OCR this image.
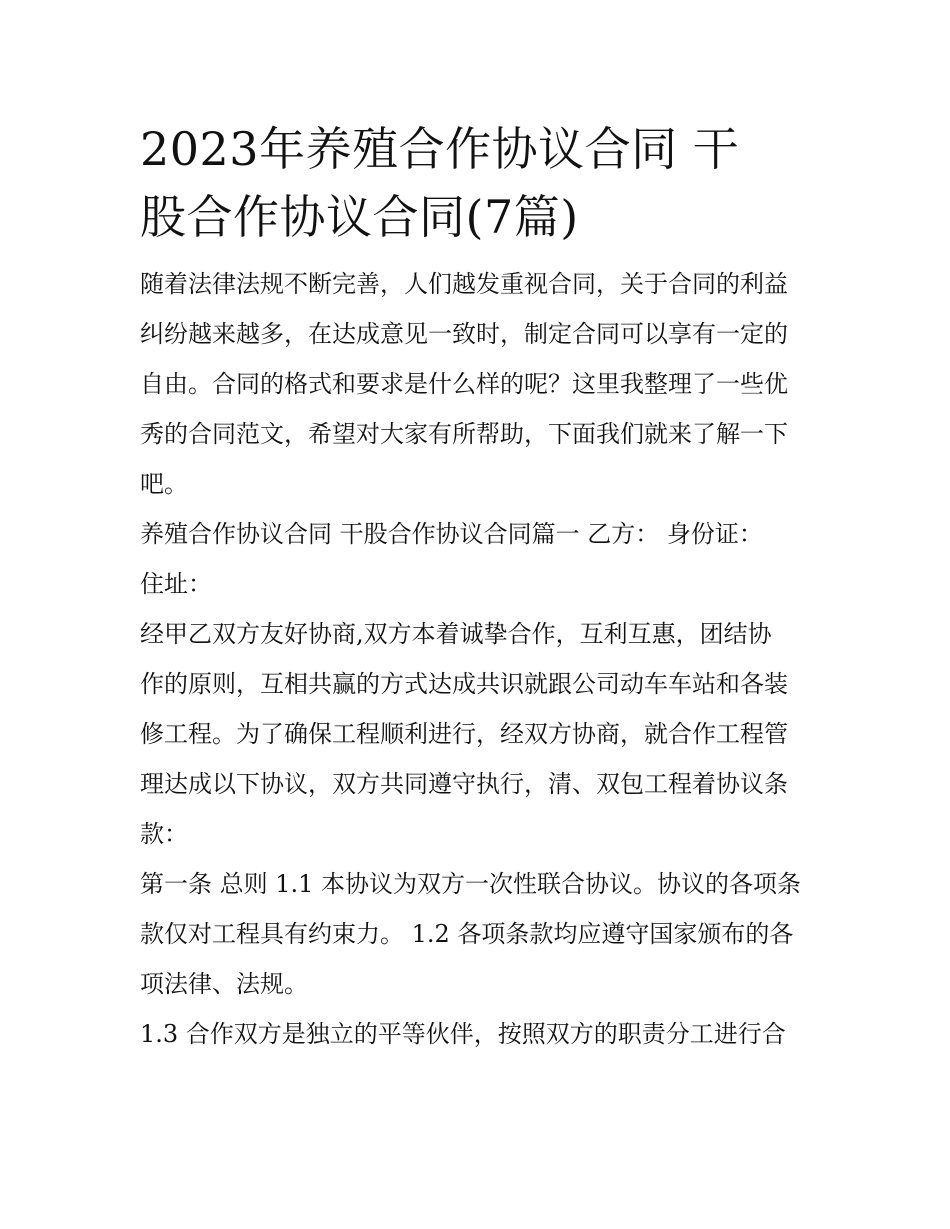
2023年养殖合作协议合同 干
股合作协议合同(7篇)

随着法律法规不断完善，人们越发重视合同，关于合同的利益
纠纷越来越多，在达成意见一致时，制定合同可以享有一定的
自由。合同的格式和要求是什么样的呢？这里我整理了一些优
秀的合同范文，希望对大家有所帮助，下面我们就来了解一下
吧。

养殖合作协议合同 干股合作协议合同篇一 乙方： 身份证：
住址：

经甲乙双方友好协商,双方本着诚挚合作，互利互惠，团结协
作的原则，互相共赢的方式达成共识就跟公司动车车站和各装
修工程。为了确保工程顺利进行，经双方协商，就合作工程管
理达成以下协议，双方共同遵守执行，清、双包工程着协议条
款：

第一条 总则 1.1 本协议为双方一次性联合协议。协议的各项条
款仅对工程具有约束力。 1.2 各项条款均应遵守国家颁布的各
项法律、法规。

1.3 合作双方是独立的平等伙伴，按照双方的职责分工进行合
